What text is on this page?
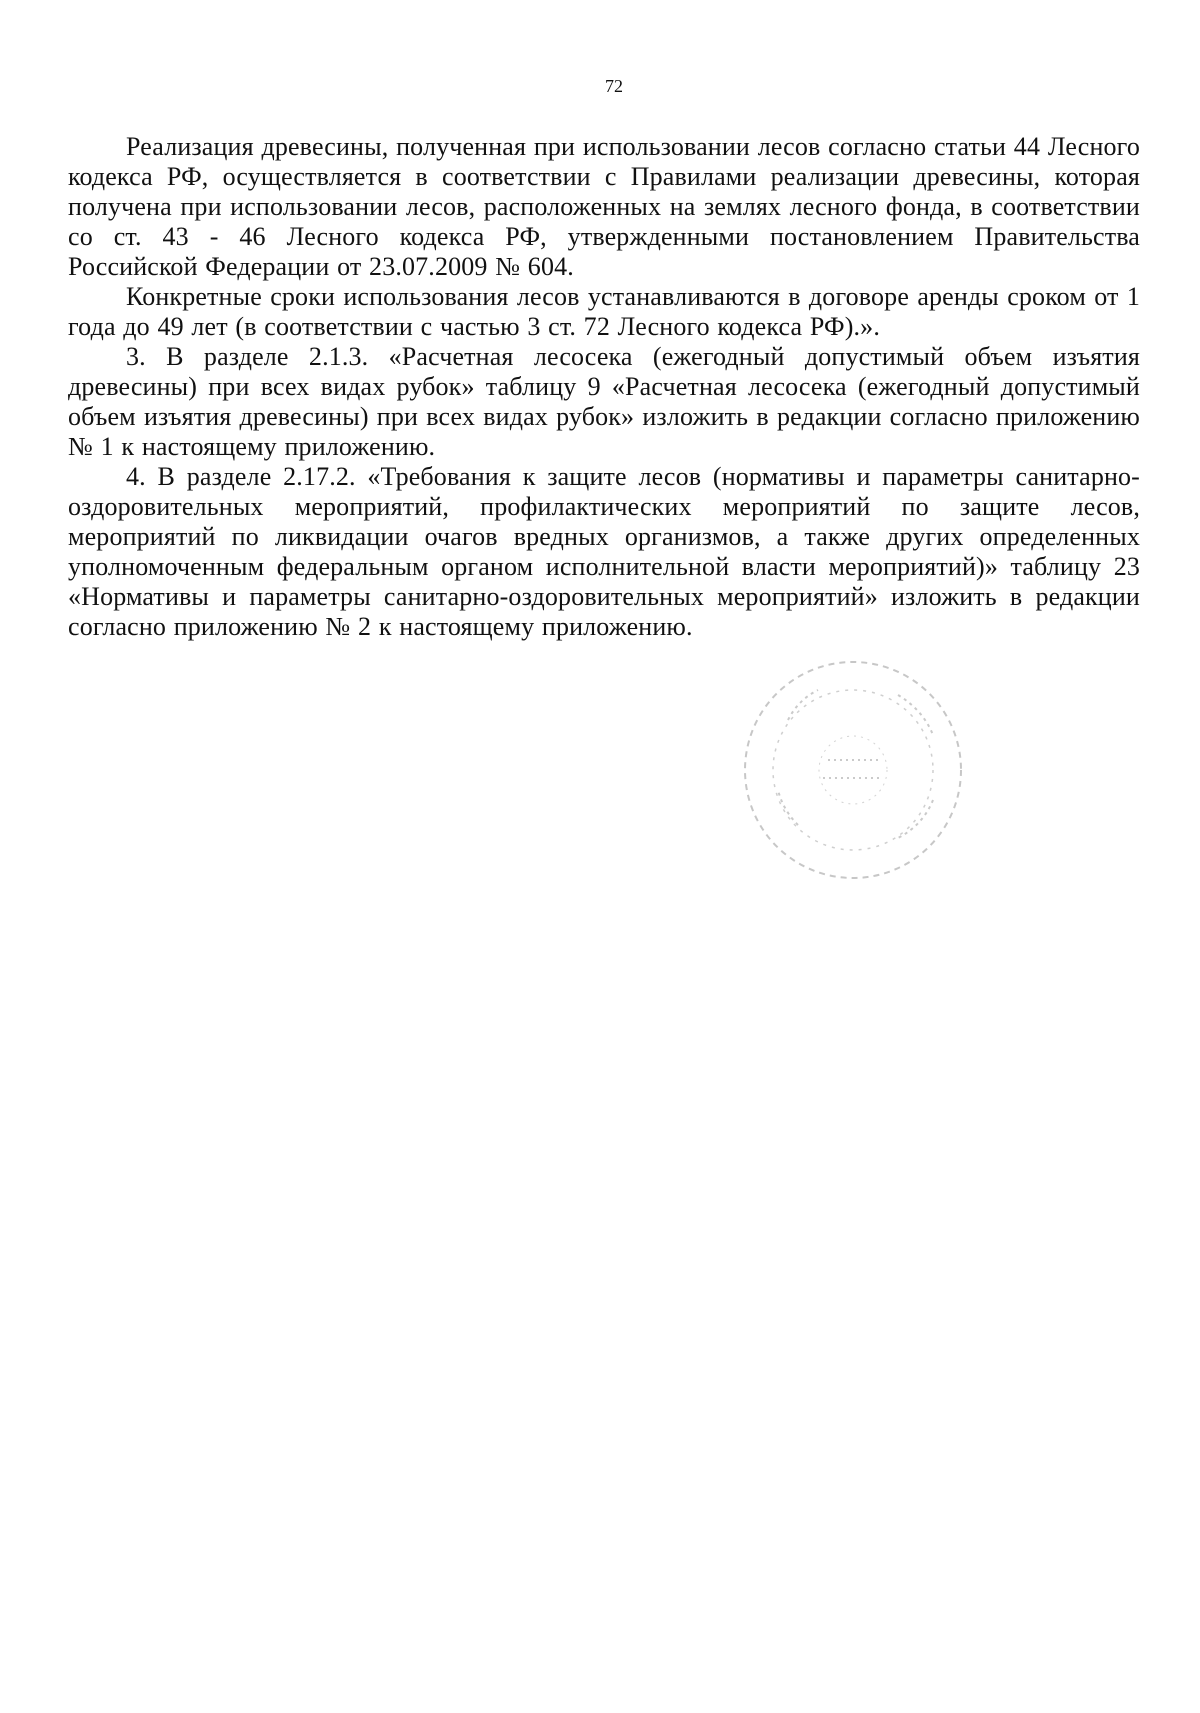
72

Реализация древесины, полученная при использовании лесов согласно статьи 44 Лесного кодекса РФ, осуществляется в соответствии с Правилами реализации древесины, которая получена при использовании лесов, расположенных на землях лесного фонда, в соответствии со ст. 43 - 46 Лесного кодекса РФ, утвержденными постановлением Правительства Российской Федерации от 23.07.2009 № 604.

Конкретные сроки использования лесов устанавливаются в договоре аренды сроком от 1 года до 49 лет (в соответствии с частью 3 ст. 72 Лесного кодекса РФ).».

3. В разделе 2.1.3. «Расчетная лесосека (ежегодный допустимый объем изъятия древесины) при всех видах рубок» таблицу 9 «Расчетная лесосека (ежегодный допустимый объем изъятия древесины) при всех видах рубок» изложить в редакции согласно приложению № 1 к настоящему приложению.

4. В разделе 2.17.2. «Требования к защите лесов (нормативы и параметры санитарно-оздоровительных мероприятий, профилактических мероприятий по защите лесов, мероприятий по ликвидации очагов вредных организмов, а также других определенных уполномоченным федеральным органом исполнительной власти мероприятий)» таблицу 23 «Нормативы и параметры санитарно-оздоровительных мероприятий» изложить в редакции согласно приложению № 2 к настоящему приложению.
